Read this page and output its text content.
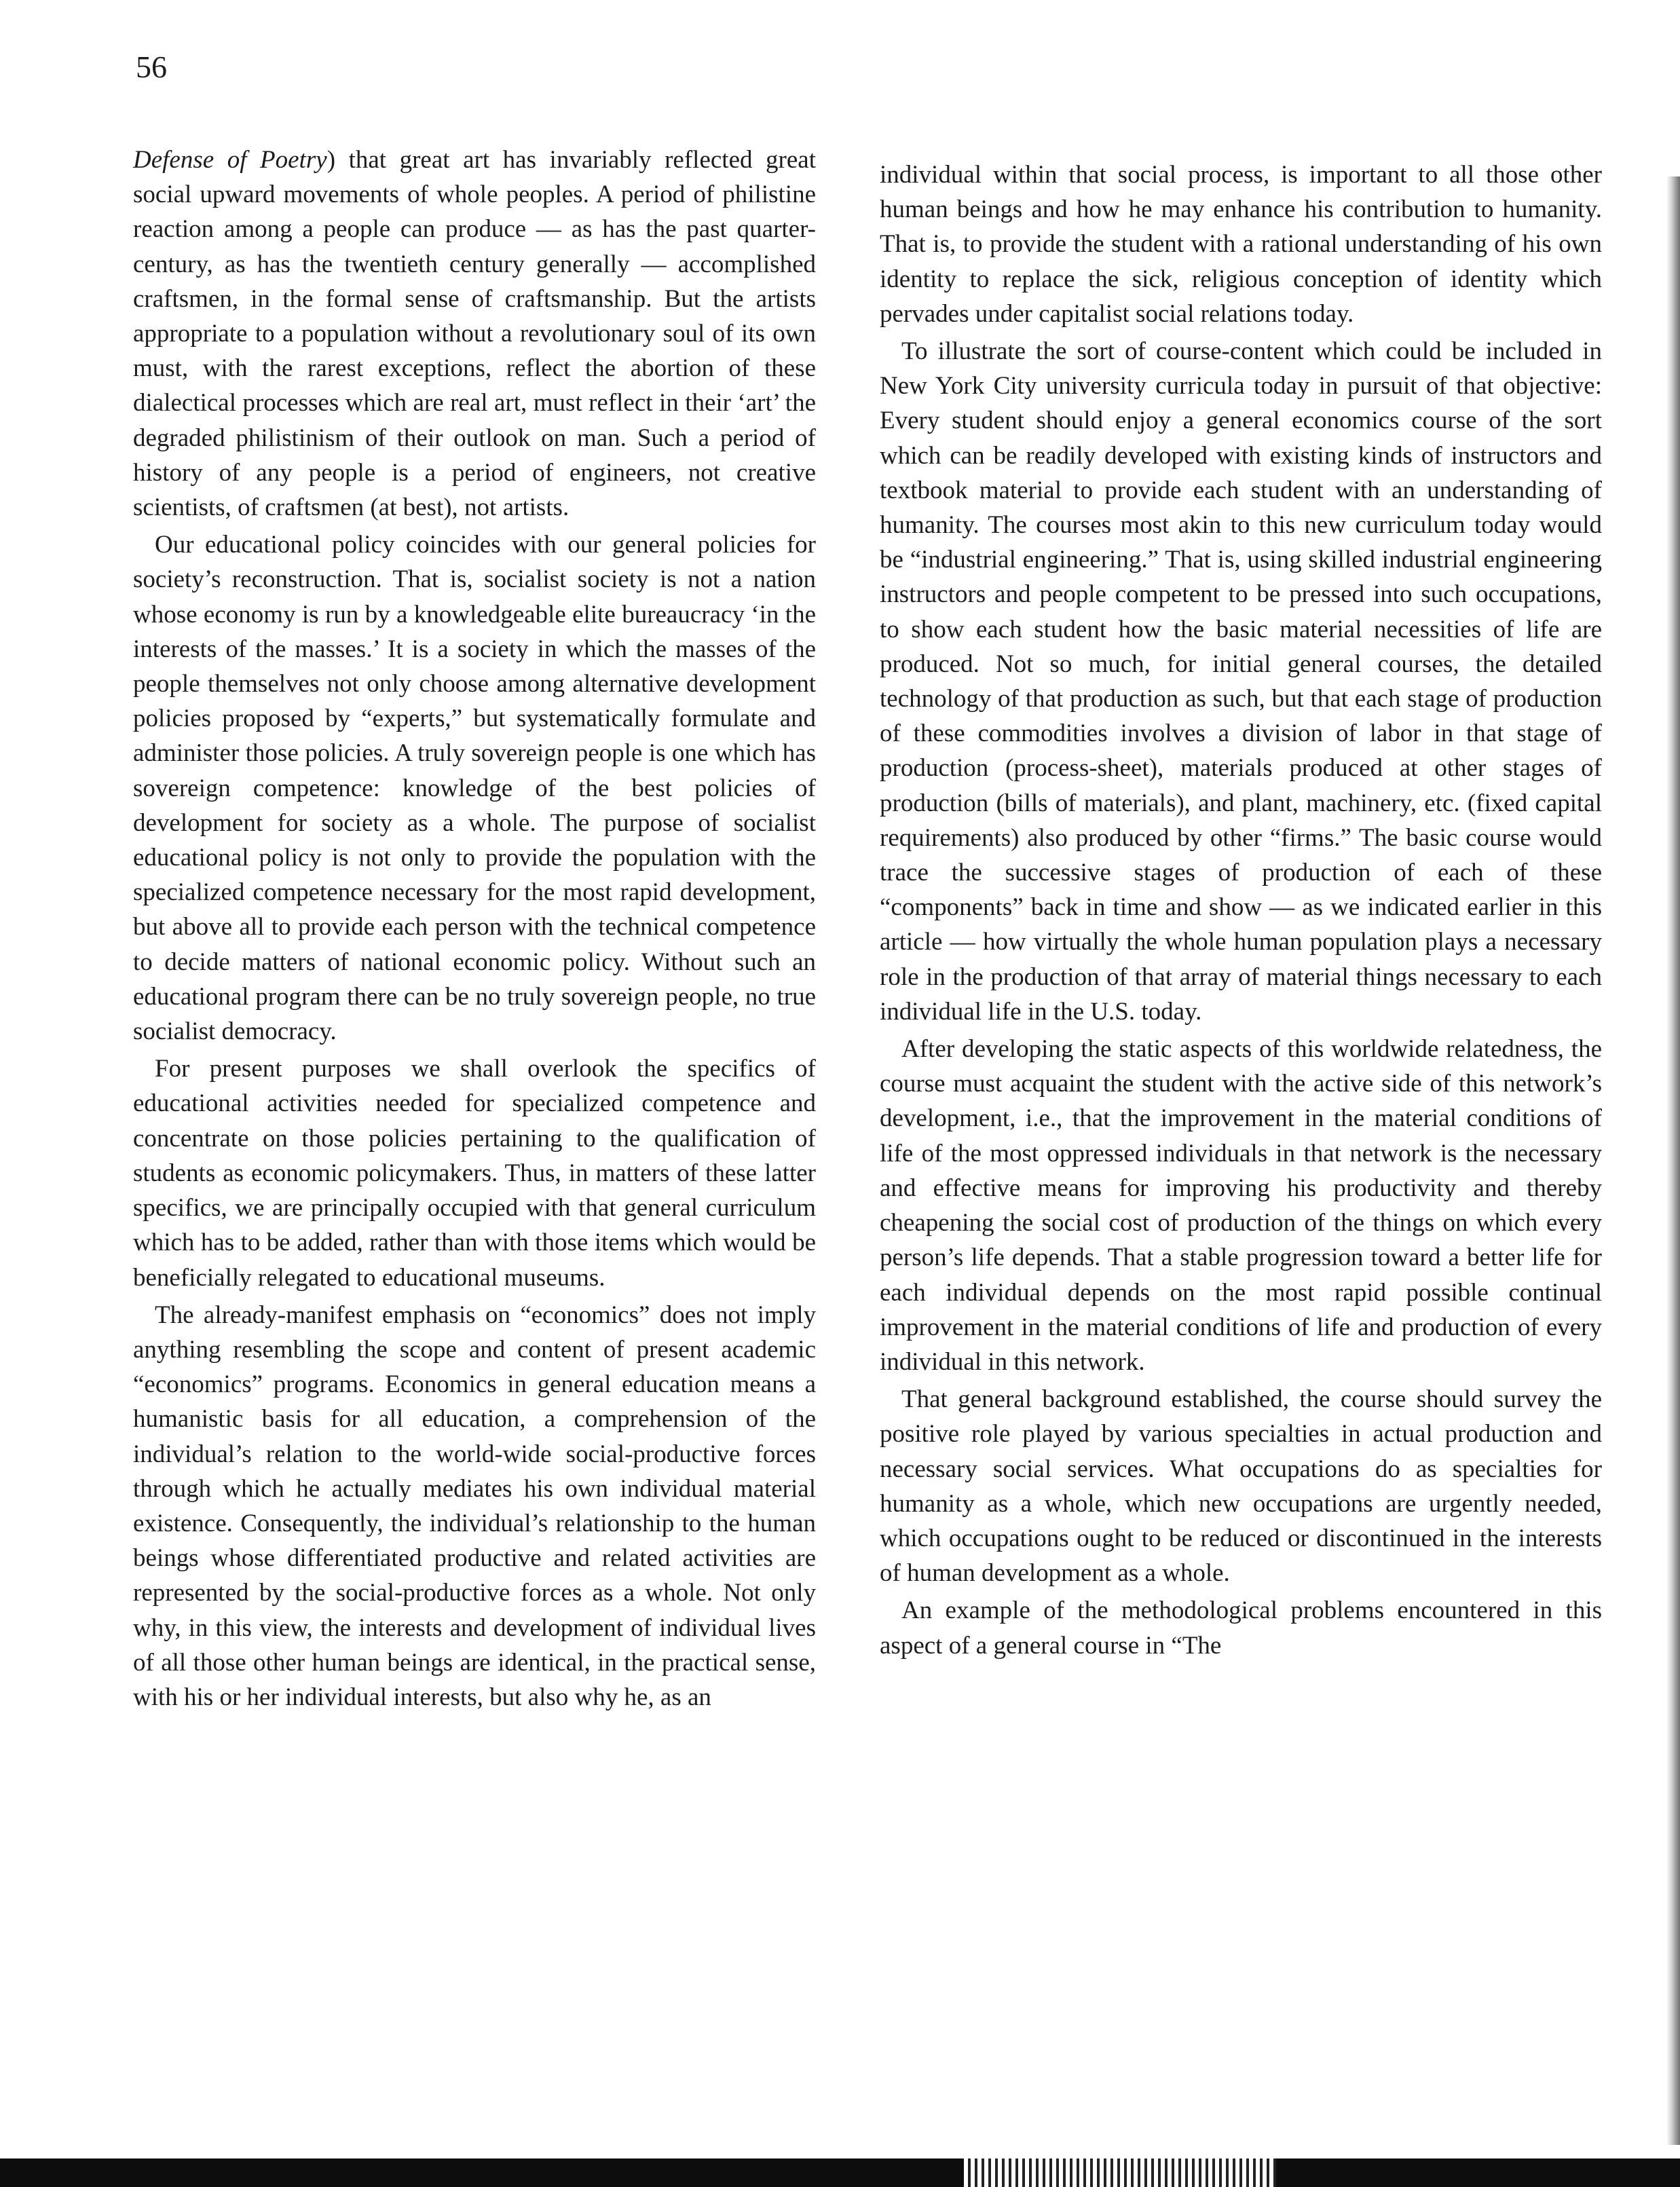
56

Defense of Poetry) that great art has invariably reflected great social upward movements of whole peoples. A period of philistine reaction among a people can produce — as has the past quarter-century, as has the twentieth century generally — accomplished craftsmen, in the formal sense of craftsmanship. But the artists appropriate to a population without a revolutionary soul of its own must, with the rarest exceptions, reflect the abortion of these dialectical processes which are real art, must reflect in their ‘art’ the degraded philistinism of their outlook on man. Such a period of history of any people is a period of engineers, not creative scientists, of craftsmen (at best), not artists.

Our educational policy coincides with our general policies for society’s reconstruction. That is, socialist society is not a nation whose economy is run by a knowledgeable elite bureaucracy ‘in the interests of the masses.’ It is a society in which the masses of the people themselves not only choose among alternative development policies proposed by “experts,” but systematically formulate and administer those policies. A truly sovereign people is one which has sovereign competence: knowledge of the best policies of development for society as a whole. The purpose of socialist educational policy is not only to provide the population with the specialized competence necessary for the most rapid development, but above all to provide each person with the technical competence to decide matters of national economic policy. Without such an educational program there can be no truly sovereign people, no true socialist democracy.

For present purposes we shall overlook the specifics of educational activities needed for specialized competence and concentrate on those policies pertaining to the qualification of students as economic policymakers. Thus, in matters of these latter specifics, we are principally occupied with that general curriculum which has to be added, rather than with those items which would be beneficially relegated to educational museums.

The already-manifest emphasis on “economics” does not imply anything resembling the scope and content of present academic “economics” programs. Economics in general education means a humanistic basis for all education, a comprehension of the individual’s relation to the world-wide social-productive forces through which he actually mediates his own individual material existence. Consequently, the individual’s relationship to the human beings whose differentiated productive and related activities are represented by the social-productive forces as a whole. Not only why, in this view, the interests and development of individual lives of all those other human beings are identical, in the practical sense, with his or her individual interests, but also why he, as an

individual within that social process, is important to all those other human beings and how he may enhance his contribution to humanity. That is, to provide the student with a rational understanding of his own identity to replace the sick, religious conception of identity which pervades under capitalist social relations today.

To illustrate the sort of course-content which could be included in New York City university curricula today in pursuit of that objective: Every student should enjoy a general economics course of the sort which can be readily developed with existing kinds of instructors and textbook material to provide each student with an understanding of humanity. The courses most akin to this new curriculum today would be “industrial engineering.” That is, using skilled industrial engineering instructors and people competent to be pressed into such occupations, to show each student how the basic material necessities of life are produced. Not so much, for initial general courses, the detailed technology of that production as such, but that each stage of production of these commodities involves a division of labor in that stage of production (process-sheet), materials produced at other stages of production (bills of materials), and plant, machinery, etc. (fixed capital requirements) also produced by other “firms.” The basic course would trace the successive stages of production of each of these “components” back in time and show — as we indicated earlier in this article — how virtually the whole human population plays a necessary role in the production of that array of material things necessary to each individual life in the U.S. today.

After developing the static aspects of this worldwide relatedness, the course must acquaint the student with the active side of this network’s development, i.e., that the improvement in the material conditions of life of the most oppressed individuals in that network is the necessary and effective means for improving his productivity and thereby cheapening the social cost of production of the things on which every person’s life depends. That a stable progression toward a better life for each individual depends on the most rapid possible continual improvement in the material conditions of life and production of every individual in this network.

That general background established, the course should survey the positive role played by various specialties in actual production and necessary social services. What occupations do as specialties for humanity as a whole, which new occupations are urgently needed, which occupations ought to be reduced or discontinued in the interests of human development as a whole.

An example of the methodological problems encountered in this aspect of a general course in “The
